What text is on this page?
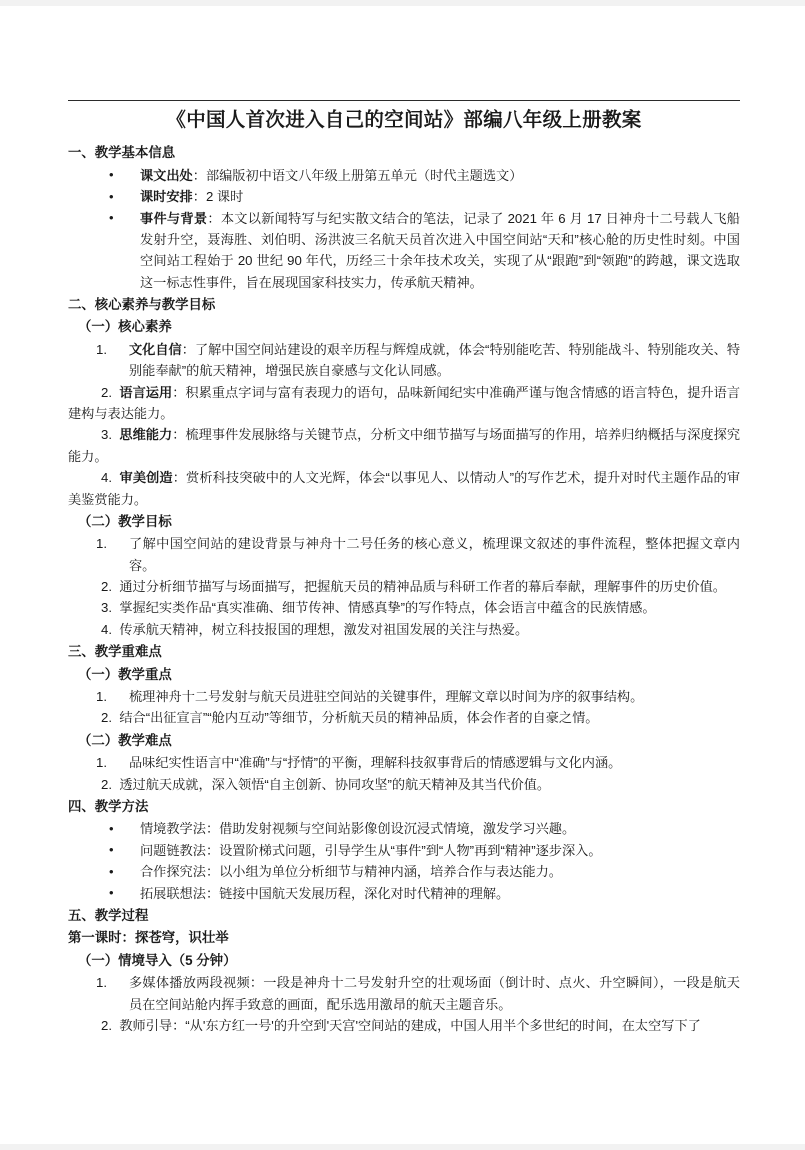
《中国人首次进入自己的空间站》部编八年级上册教案
一、教学基本信息
• 课文出处：部编版初中语文八年级上册第五单元（时代主题选文）
• 课时安排：2 课时
• 事件与背景：本文以新闻特写与纪实散文结合的笔法，记录了 2021 年 6 月 17 日神舟十二号载人飞船发射升空，聂海胜、刘伯明、汤洪波三名航天员首次进入中国空间站“天和”核心舱的历史性时刻。中国空间站工程始于 20 世纪 90 年代，历经三十余年技术攻关，实现了从“跟跑”到“领跑”的跨越，课文选取这一标志性事件，旨在展现国家科技实力，传承航天精神。
二、核心素养与教学目标
（一）核心素养
1.	文化自信：了解中国空间站建设的艰辛历程与辉煌成就，体会“特别能吃苦、特别能战斗、特别能攻关、特别能奉献”的航天精神，增强民族自豪感与文化认同感。
2. 语言运用：积累重点字词与富有表现力的语句，品味新闻纪实中准确严谨与饱含情感的语言特色，提升语言建构与表达能力。
3. 思维能力：梳理事件发展脉络与关键节点，分析文中细节描写与场面描写的作用，培养归纳概括与深度探究能力。
4. 审美创造：赏析科技突破中的人文光辉，体会“以事见人、以情动人”的写作艺术，提升对时代主题作品的审美鉴赏能力。
（二）教学目标
1.	了解中国空间站的建设背景与神舟十二号任务的核心意义，梳理课文叙述的事件流程，整体把握文章内容。
2. 通过分析细节描写与场面描写，把握航天员的精神品质与科研工作者的幕后奉献，理解事件的历史价值。
3. 掌握纪实类作品“真实准确、细节传神、情感真挚”的写作特点，体会语言中蕴含的民族情感。
4. 传承航天精神，树立科技报国的理想，激发对祖国发展的关注与热爱。
三、教学重难点
（一）教学重点
1.	梳理神舟十二号发射与航天员进驻空间站的关键事件，理解文章以时间为序的叙事结构。
2. 结合“出征宣言”“舱内互动”等细节，分析航天员的精神品质，体会作者的自豪之情。
（二）教学难点
1.	品味纪实性语言中“准确”与“抒情”的平衡，理解科技叙事背后的情感逻辑与文化内涵。
2. 透过航天成就，深入领悟“自主创新、协同攻坚”的航天精神及其当代价值。
四、教学方法
• 情境教学法：借助发射视频与空间站影像创设沉浸式情境，激发学习兴趣。
• 问题链教法：设置阶梯式问题，引导学生从“事件”到“人物”再到“精神”逐步深入。
• 合作探究法：以小组为单位分析细节与精神内涵，培养合作与表达能力。
• 拓展联想法：链接中国航天发展历程，深化对时代精神的理解。
五、教学过程
第一课时：探苍穹，识壮举
（一）情境导入（5 分钟）
1.	多媒体播放两段视频：一段是神舟十二号发射升空的壮观场面（倒计时、点火、升空瞬间），一段是航天员在空间站舱内挥手致意的画面，配乐选用激昂的航天主题音乐。
2. 教师引导：“从'东方红一号'的升空到'天宫'空间站的建成，中国人用半个多世纪的时间，在太空写下了
